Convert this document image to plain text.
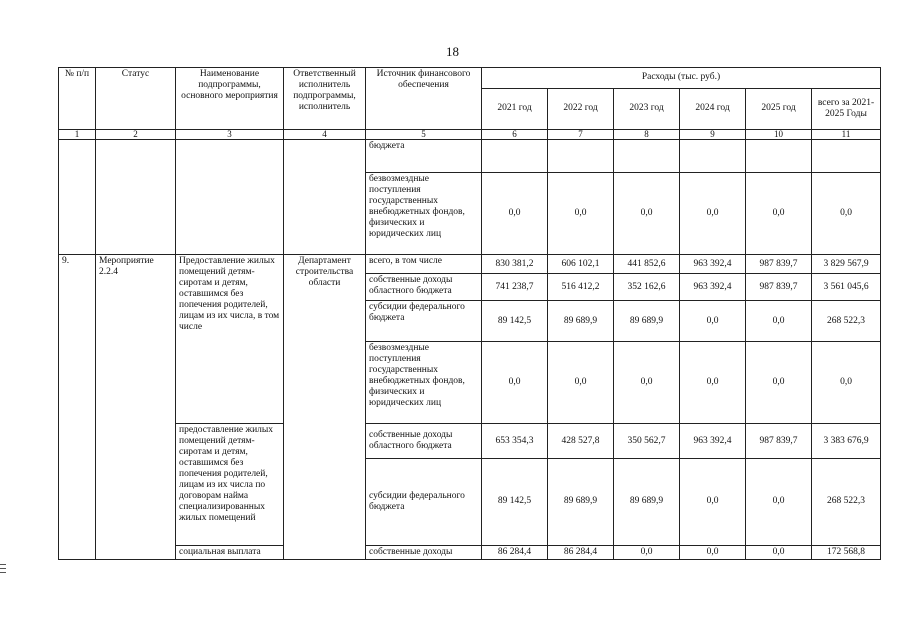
18
№ п/п	Статус	Наименование подпрограммы, основного мероприятия	Ответственный исполнитель подпрограммы, исполнитель	Источник финансового обеспечения	Расходы (тыс. руб.)					
					2021 год	2022 год	2023 год	2024 год	2025 год	всего за 2021-2025 Годы
1	2	3	4	5	6	7	8	9	10	11
				бюджета						
				безвозмездные поступления государственных внебюджетных фондов, физических и юридических лиц	0,0	0,0	0,0	0,0	0,0	0,0
9.	Мероприятие 2.2.4	Предоставление жилых помещений детям-сиротам и детям, оставшимся без попечения родителей, лицам из их числа, в том числе	Департамент строительства области	всего, в том числе	830 381,2	606 102,1	441 852,6	963 392,4	987 839,7	3 829 567,9
				собственные доходы областного бюджета	741 238,7	516 412,2	352 162,6	963 392,4	987 839,7	3 561 045,6
				субсидии федерального бюджета	89 142,5	89 689,9	89 689,9	0,0	0,0	268 522,3
				безвозмездные поступления государственных внебюджетных фондов, физических и юридических лиц	0,0	0,0	0,0	0,0	0,0	0,0
		предоставление жилых помещений детям-сиротам и детям, оставшимся без попечения родителей, лицам из их числа по договорам найма специализированных жилых помещений		собственные доходы областного бюджета	653 354,3	428 527,8	350 562,7	963 392,4	987 839,7	3 383 676,9
				субсидии федерального бюджета	89 142,5	89 689,9	89 689,9	0,0	0,0	268 522,3
		социальная выплата		собственные доходы	86 284,4	86 284,4	0,0	0,0	0,0	172 568,8
